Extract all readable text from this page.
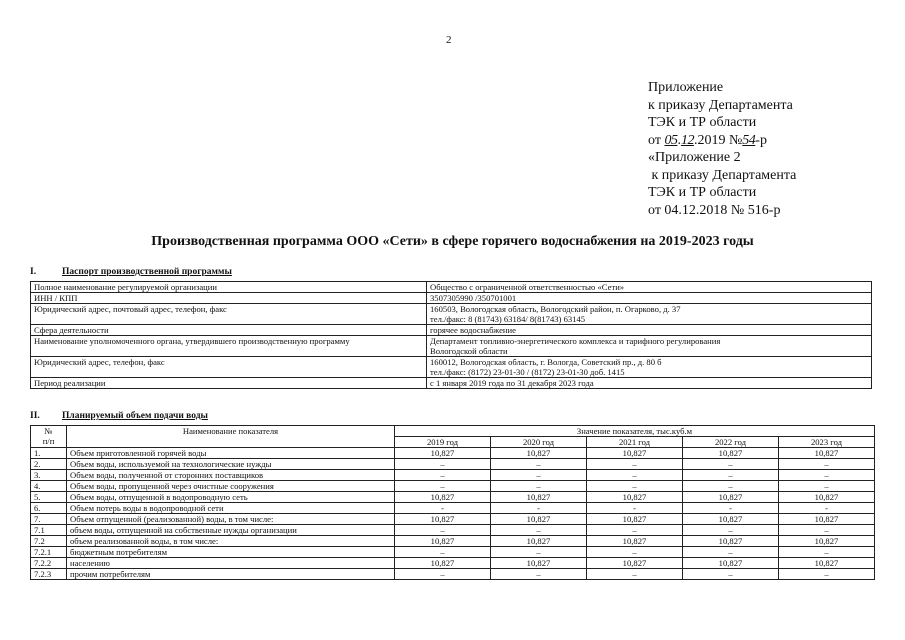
2
Приложение
к приказу Департамента
ТЭК и ТР области
от 05.12.2019 №54-р
«Приложение 2
к приказу Департамента
ТЭК и ТР области
от 04.12.2018 № 516-р
Производственная программа ООО «Сети» в сфере горячего водоснабжения на 2019-2023 годы
I.	Паспорт производственной программы
Полное наименование регулируемой организации	Общество с ограниченной ответственностью «Сети»

ИНН / КПП	3507305990 /350701001

Юридический адрес, почтовый адрес, телефон, факс	160503, Вологодская область, Вологодский район, п. Огарково, д. 37
тел./факс: 8 (81743) 63184/ 8(81743) 63145

Сфера деятельности	горячее водоснабжение

Наименование уполномоченного органа, утвердившего производственную программу	Департамент топливно-энергетического комплекса и тарифного регулирования
Вологодской области

Юридический адрес, телефон, факс	160012, Вологодская область, г. Вологда, Советский пр., д. 80 б
тел./факс: (8172) 23-01-30 / (8172) 23-01-30 доб. 1415

Период реализации	с 1 января 2019 года по 31 декабря 2023 года
II. Планируемый объем подачи воды
№
п/п	Наименование показателя	Значение показателя, тыс.куб.м				
		2019 год	2020 год	2021 год	2022 год	2023 год
1.	Объем приготовленной горячей воды	10,827	10,827	10,827	10,827	10,827
2.	Объем воды, используемой на технологические нужды	–	–	–	–	–
3.	Объем воды, полученной от сторонних поставщиков	–	–	–	–	–
4.	Объем воды, пропущенной через очистные сооружения	–	–	–	–	–
5.	Объем воды, отпущенной в водопроводную сеть	10,827	10,827	10,827	10,827	10,827
6.	Объем потерь воды в водопроводной сети	-	-	-	-	-
7.	Объем отпущенной (реализованной) воды, в том числе:	10,827	10,827	10,827	10,827	10,827
7.1	объем воды, отпущенной на собственные нужды организации	–	–	–	–	–
7.2	объем реализованной воды, в том числе:	10,827	10,827	10,827	10,827	10,827
7.2.1	бюджетным потребителям	–	–	–	–	–
7.2.2	населению	10,827	10,827	10,827	10,827	10,827
7.2.3	прочим потребителям	–	–	–	–	–
